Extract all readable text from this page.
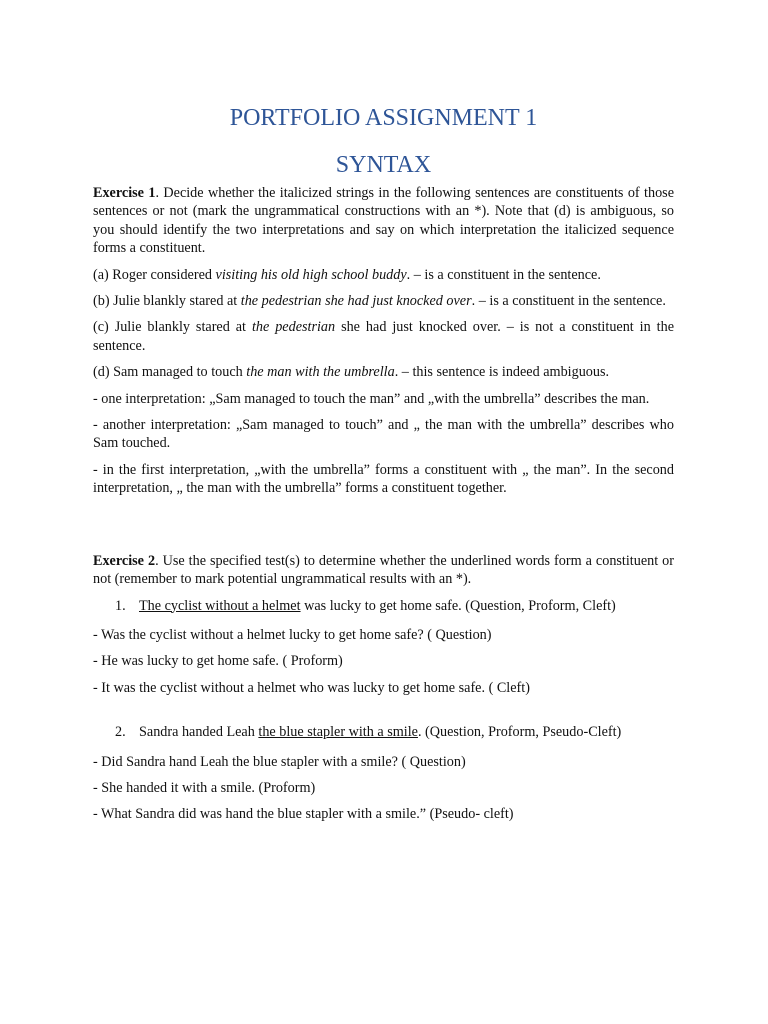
PORTFOLIO ASSIGNMENT 1
SYNTAX

Exercise 1. Decide whether the italicized strings in the following sentences are constituents of those sentences or not (mark the ungrammatical constructions with an *). Note that (d) is ambiguous, so you should identify the two interpretations and say on which interpretation the italicized sequence forms a constituent.

(a) Roger considered visiting his old high school buddy. – is a constituent in the sentence.

(b) Julie blankly stared at the pedestrian she had just knocked over. – is a constituent in the sentence.

(c) Julie blankly stared at the pedestrian she had just knocked over. – is not a constituent in the sentence.

(d) Sam managed to touch the man with the umbrella. – this sentence is indeed ambiguous.

- one interpretation: „Sam managed to touch the man” and „with the umbrella” describes the man.

- another interpretation: „Sam managed to touch” and „ the man with the umbrella” describes who Sam touched.

- in the first interpretation, „with the umbrella” forms a constituent with „ the man”. In the second interpretation, „ the man with the umbrella” forms a constituent together.

Exercise 2. Use the specified test(s) to determine whether the underlined words form a constituent or not (remember to mark potential ungrammatical results with an *).

1. The cyclist without a helmet was lucky to get home safe. (Question, Proform, Cleft)

- Was the cyclist without a helmet lucky to get home safe? ( Question)

- He was lucky to get home safe. ( Proform)

- It was the cyclist without a helmet who was lucky to get home safe. ( Cleft)

2. Sandra handed Leah the blue stapler with a smile. (Question, Proform, Pseudo-Cleft)

- Did Sandra hand Leah the blue stapler with a smile? ( Question)

- She handed it with a smile. (Proform)

- What Sandra did was hand the blue stapler with a smile.” (Pseudo- cleft)
